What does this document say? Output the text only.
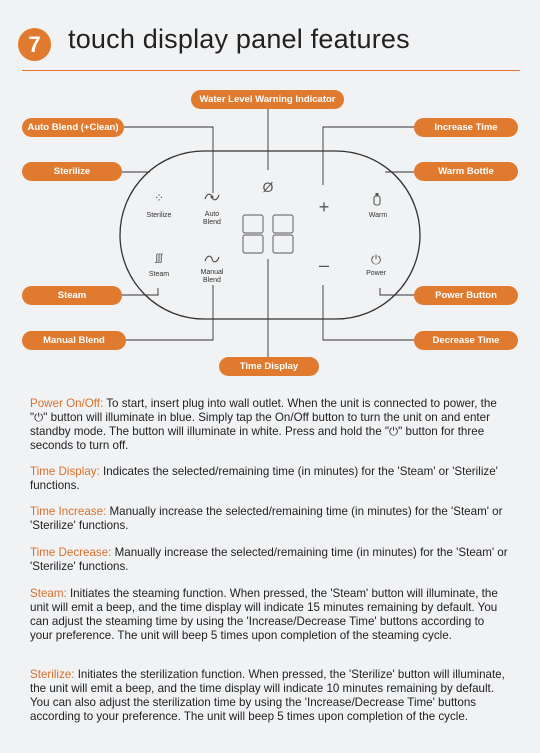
7	touch display panel features
Water Level Warning Indicator
Auto Blend (+Clean)	Increase Time
Sterilize	Warm Bottle
Steam	Power Button
Manual Blend	Decrease Time
Time Display
⁘
Sterilize	Auto
Blend
Ø
+	Warm
ʃʃʃ
Steam	Manual
Blend
–	⏻
Power
Power On/Off: To start, insert plug into wall outlet. When the unit is connected to power, the "⏻" button will illuminate in blue. Simply tap the On/Off button to turn the unit on and enter standby mode. The button will illuminate in white. Press and hold the "⏻" button for three seconds to turn off.
Time Display: Indicates the selected/remaining time (in minutes) for the 'Steam' or 'Sterilize' functions.
Time Increase: Manually increase the selected/remaining time (in minutes) for the 'Steam' or 'Sterilize' functions.
Time Decrease: Manually increase the selected/remaining time (in minutes) for the 'Steam' or 'Sterilize' functions.
Steam: Initiates the steaming function. When pressed, the 'Steam' button will illuminate, the unit will emit a beep, and the time display will indicate 15 minutes remaining by default. You can adjust the steaming time by using the 'Increase/Decrease Time' buttons according to your preference. The unit will beep 5 times upon completion of the steaming cycle.
Sterilize: Initiates the sterilization function. When pressed, the 'Sterilize' button will illuminate, the unit will emit a beep, and the time display will indicate 10 minutes remaining by default. You can also adjust the sterilization time by using the 'Increase/Decrease Time' buttons according to your preference. The unit will beep 5 times upon completion of the cycle.
